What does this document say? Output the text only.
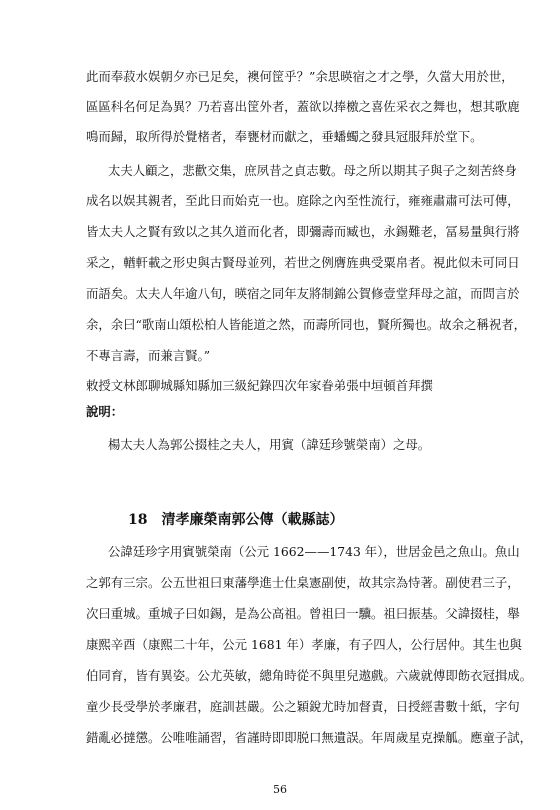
此而奉菽水娱朝夕亦已足矣，襖何筐乎？”余思暎宿之才之學，久當大用於世，
區區科名何足為異？乃若喜出筐外者，蓋欲以捧檄之喜佐采衣之舞也，想其歌鹿
鳴而歸，取所得於覺楮者，奉甕材而獻之，垂蟠蠋之發具冠服拜於堂下。
太夫人顧之，悲歡交集，庶夙昔之貞志數。母之所以期其子與子之刻苦終身
成名以娱其親者，至此日而始克一也。庭除之內至性流行，雍雍肅肅可法可傳，
皆太夫人之賢有致以之其久道而化者，即彌壽而臧也，永錫難老，冨易量與行將
采之，輶軒載之形史與古賢母並列，若世之例膺旌典受粟帛者。視此似未可同日
而語矣。太夫人年逾八旬，暎宿之同年友將制錦公賀修壹堂拜母之誼，而問言於
余，余曰“歌南山頌松柏人皆能道之然，而壽所同也，賢所獨也。故余之稱祝者，
不專言壽，而兼言賢。”
敕授文林郎聊城縣知縣加三級紀錄四次年家眷弟張中垣頓首拜撰
說明：
楊太夫人為郭公掇桂之夫人，用賓（諱廷珍號榮南）之母。
18　清孝廉榮南郭公傳（載縣誌）
公諱廷珍字用賓號榮南（公元 1662——1743 年），世居金邑之魚山。魚山
之郭有三宗。公五世祖曰東藩學進士仕臬憲副使，故其宗為恃著。副使君三子，
次曰重城。重城子曰如錫，是為公高祖。曾祖曰一驥。祖曰振基。父諱掇桂，舉
康熙辛酉（康熙二十年，公元 1681 年）孝廉，有子四人，公行居仲。其生也與
伯同育，皆有異姿。公尤英敏，總角時從不與里兒遨戲。六歲就傅即飭衣冠揖成。
童少長受學於孝廉君，庭訓甚嚴。公之穎銳尤時加督責，日授經書數十紙，字句
錯亂必撻懲。公唯唯誦習，省謹時即即脱口無遺誤。年周歲星克操觚。應童子試，
56
